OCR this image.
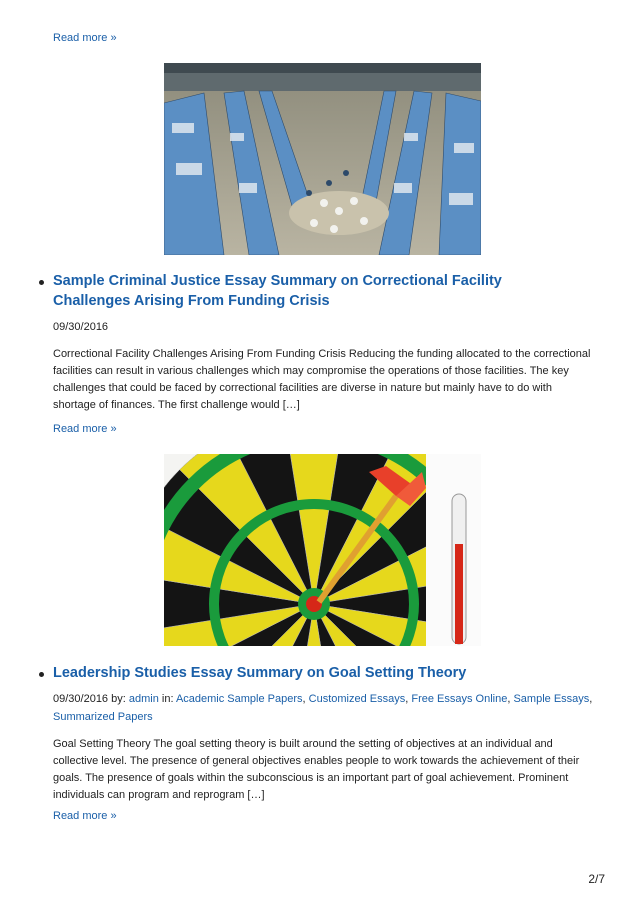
Read more »
Sample Criminal Justice Essay Summary on Correctional Facility Challenges Arising From Funding Crisis
09/30/2016
Correctional Facility Challenges Arising From Funding Crisis Reducing the funding allocated to the correctional facilities can result in various challenges which may compromise the operations of those facilities. The key challenges that could be faced by correctional facilities are diverse in nature but mainly have to do with shortage of finances. The first challenge would […]
Read more »
Leadership Studies Essay Summary on Goal Setting Theory
09/30/2016 by: admin in: Academic Sample Papers, Customized Essays, Free Essays Online, Sample Essays, Summarized Papers
Goal Setting Theory The goal setting theory is built around the setting of objectives at an individual and collective level. The presence of general objectives enables people to work towards the achievement of their goals. The presence of goals within the subconscious is an important part of goal achievement. Prominent individuals can program and reprogram […]
Read more »
2/7
